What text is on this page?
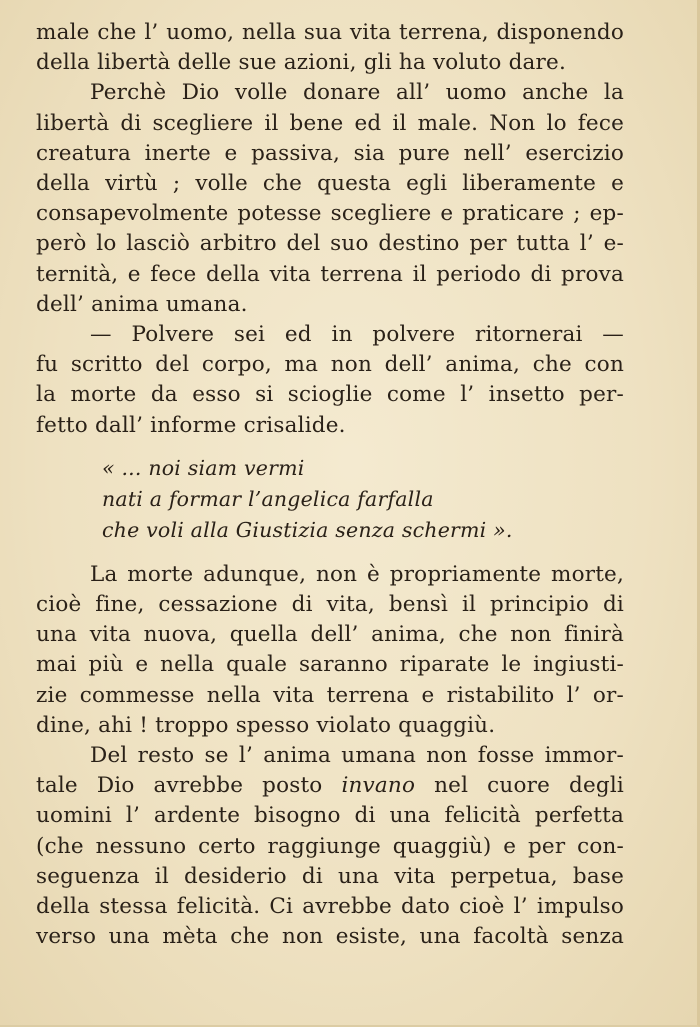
male che l’ uomo, nella sua vita terrena, disponendo
della libertà delle sue azioni, gli ha voluto dare.
Perchè Dio volle donare all’ uomo anche la
libertà di scegliere il bene ed il male. Non lo fece
creatura inerte e passiva, sia pure nell’ esercizio
della virtù ; volle che questa egli liberamente e
consapevolmente potesse scegliere e praticare ; ep-
però lo lasciò arbitro del suo destino per tutta l’ e-
ternità, e fece della vita terrena il periodo di prova
dell’ anima umana.
— Polvere sei ed in polvere ritornerai —
fu scritto del corpo, ma non dell’ anima, che con
la morte da esso si scioglie come l’ insetto per-
fetto dall’ informe crisalide.
« ... noi siam vermi
nati a formar l’angelica farfalla
che voli alla Giustizia senza schermi ».
La morte adunque, non è propriamente morte,
cioè fine, cessazione di vita, bensì il principio di
una vita nuova, quella dell’ anima, che non finirà
mai più e nella quale saranno riparate le ingiusti-
zie commesse nella vita terrena e ristabilito l’ or-
dine, ahi ! troppo spesso violato quaggiù.
Del resto se l’ anima umana non fosse immor-
tale Dio avrebbe posto invano nel cuore degli
uomini l’ ardente bisogno di una felicità perfetta
(che nessuno certo raggiunge quaggiù) e per con-
seguenza il desiderio di una vita perpetua, base
della stessa felicità. Ci avrebbe dato cioè l’ impulso
verso una mèta che non esiste, una facoltà senza
